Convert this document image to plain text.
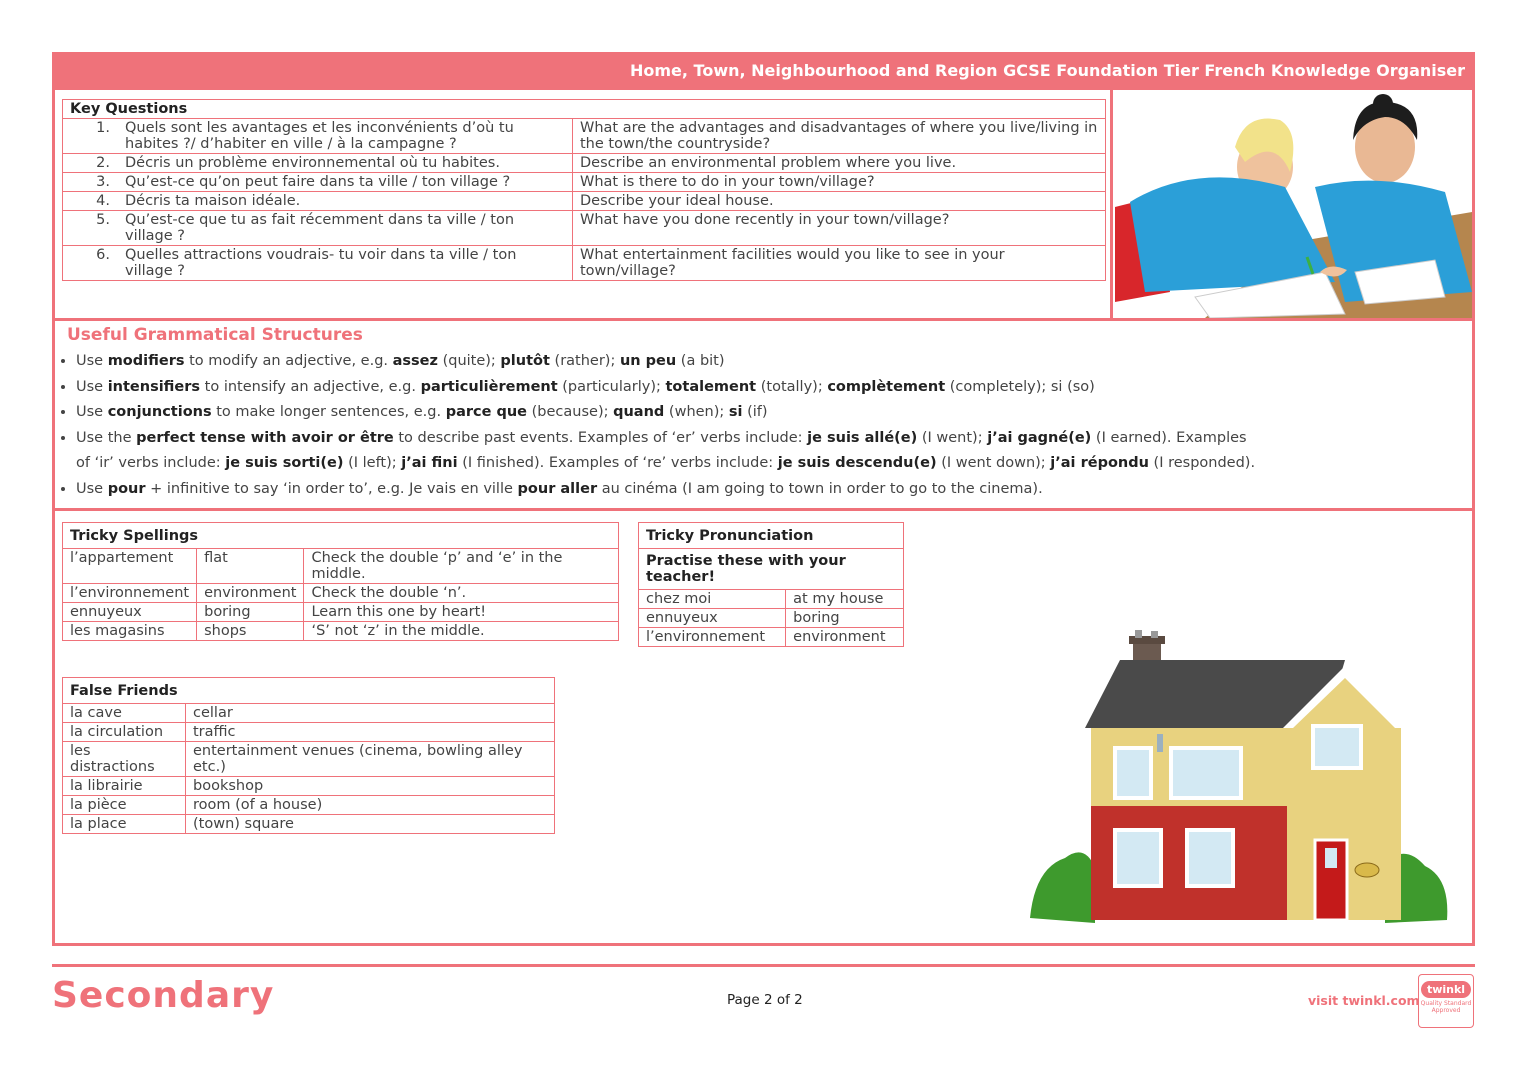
Home, Town, Neighbourhood and Region GCSE Foundation Tier French Knowledge Organiser
Key Questions		
1.	Quels sont les avantages et les inconvénients d’où tu habites ?/ d’habiter en ville / à la campagne ?	What are the advantages and disadvantages of where you live/living in the town/the countryside?
2.	Décris un problème environnemental où tu habites.	Describe an environmental problem where you live.
3.	Qu’est-ce qu’on peut faire dans ta ville / ton village ?	What is there to do in your town/village?
4.	Décris ta maison idéale.	Describe your ideal house.
5.	Qu’est-ce que tu as fait récemment dans ta ville / ton village ?	What have you done recently in your town/village?
6.	Quelles attractions voudrais- tu voir dans ta ville / ton village ?	What entertainment facilities would you like to see in your town/village?
Useful Grammatical Structures
• Use modifiers to modify an adjective, e.g. assez (quite); plutôt (rather); un peu (a bit)
• Use intensifiers to intensify an adjective, e.g. particulièrement (particularly); totalement (totally); complètement (completely); si (so)
• Use conjunctions to make longer sentences, e.g. parce que (because); quand (when); si (if)
• Use the perfect tense with avoir or être to describe past events. Examples of ‘er’ verbs include: je suis allé(e) (I went); j’ai gagné(e) (I earned). Examples of ‘ir’ verbs include: je suis sorti(e) (I left); j’ai fini (I finished). Examples of ‘re’ verbs include: je suis descendu(e) (I went down); j’ai répondu (I responded).
• Use pour + infinitive to say ‘in order to’, e.g. Je vais en ville pour aller au cinéma (I am going to town in order to go to the cinema).
Tricky Spellings		
l’appartement	flat	Check the double ‘p’ and ‘e’ in the middle.
l’environnement	environment	Check the double ‘n’.
ennuyeux	boring	Learn this one by heart!
les magasins	shops	‘S’ not ‘z’ in the middle.
Tricky Pronunciation	
Practise these with your teacher!	
chez moi	at my house
ennuyeux	boring
l’environnement	environment
False Friends	
la cave	cellar
la circulation	traffic
les distractions	entertainment venues (cinema, bowling alley etc.)
la librairie	bookshop
la pièce	room (of a house)
la place	(town) square
Secondary	Page 2 of 2	visit twinkl.com
twinkl
Quality Standard Approved
